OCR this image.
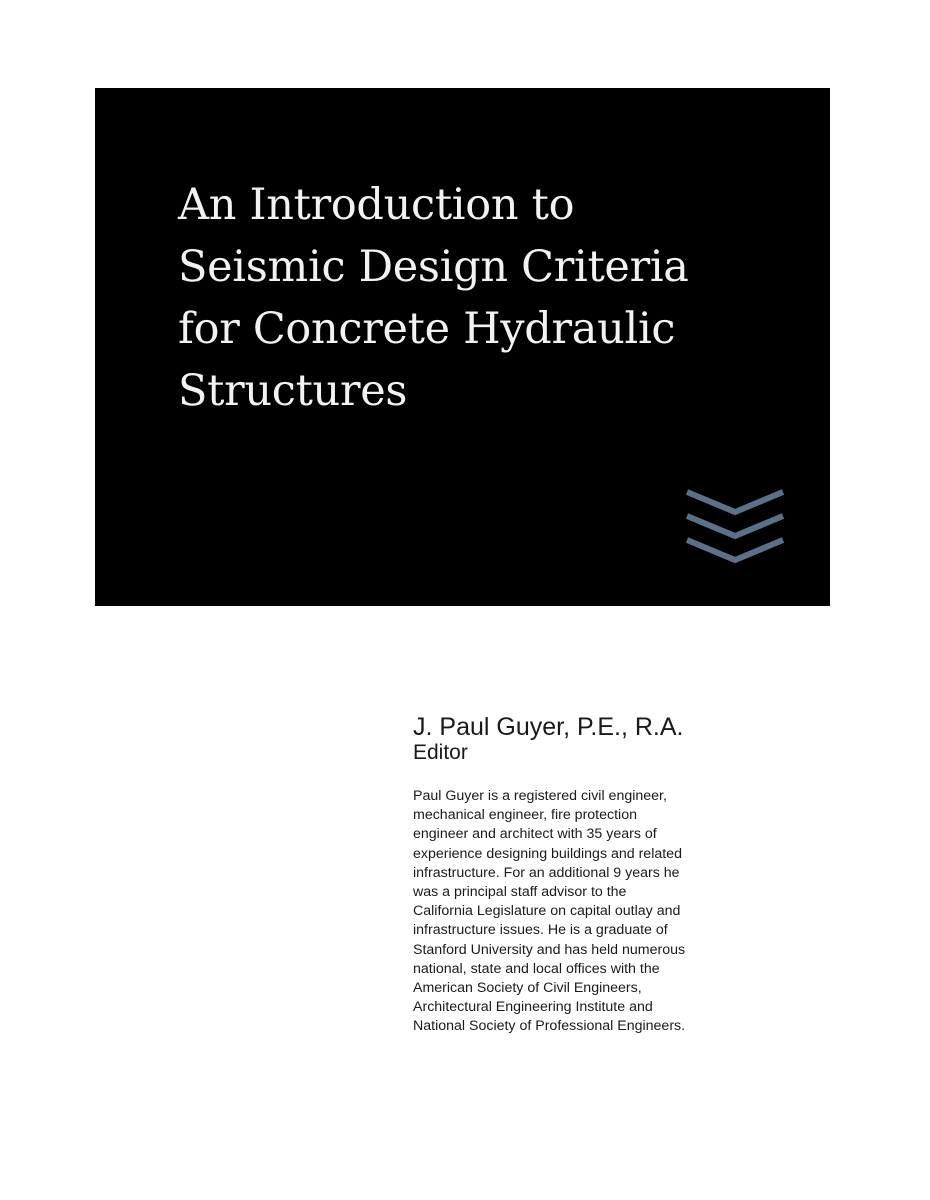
An Introduction to
Seismic Design Criteria
for Concrete Hydraulic
Structures
J. Paul Guyer, P.E., R.A.
Editor
Paul Guyer is a registered civil engineer,
mechanical engineer, fire protection
engineer and architect with 35 years of
experience designing buildings and related
infrastructure. For an additional 9 years he
was a principal staff advisor to the
California Legislature on capital outlay and
infrastructure issues. He is a graduate of
Stanford University and has held numerous
national, state and local offices with the
American Society of Civil Engineers,
Architectural Engineering Institute and
National Society of Professional Engineers.
